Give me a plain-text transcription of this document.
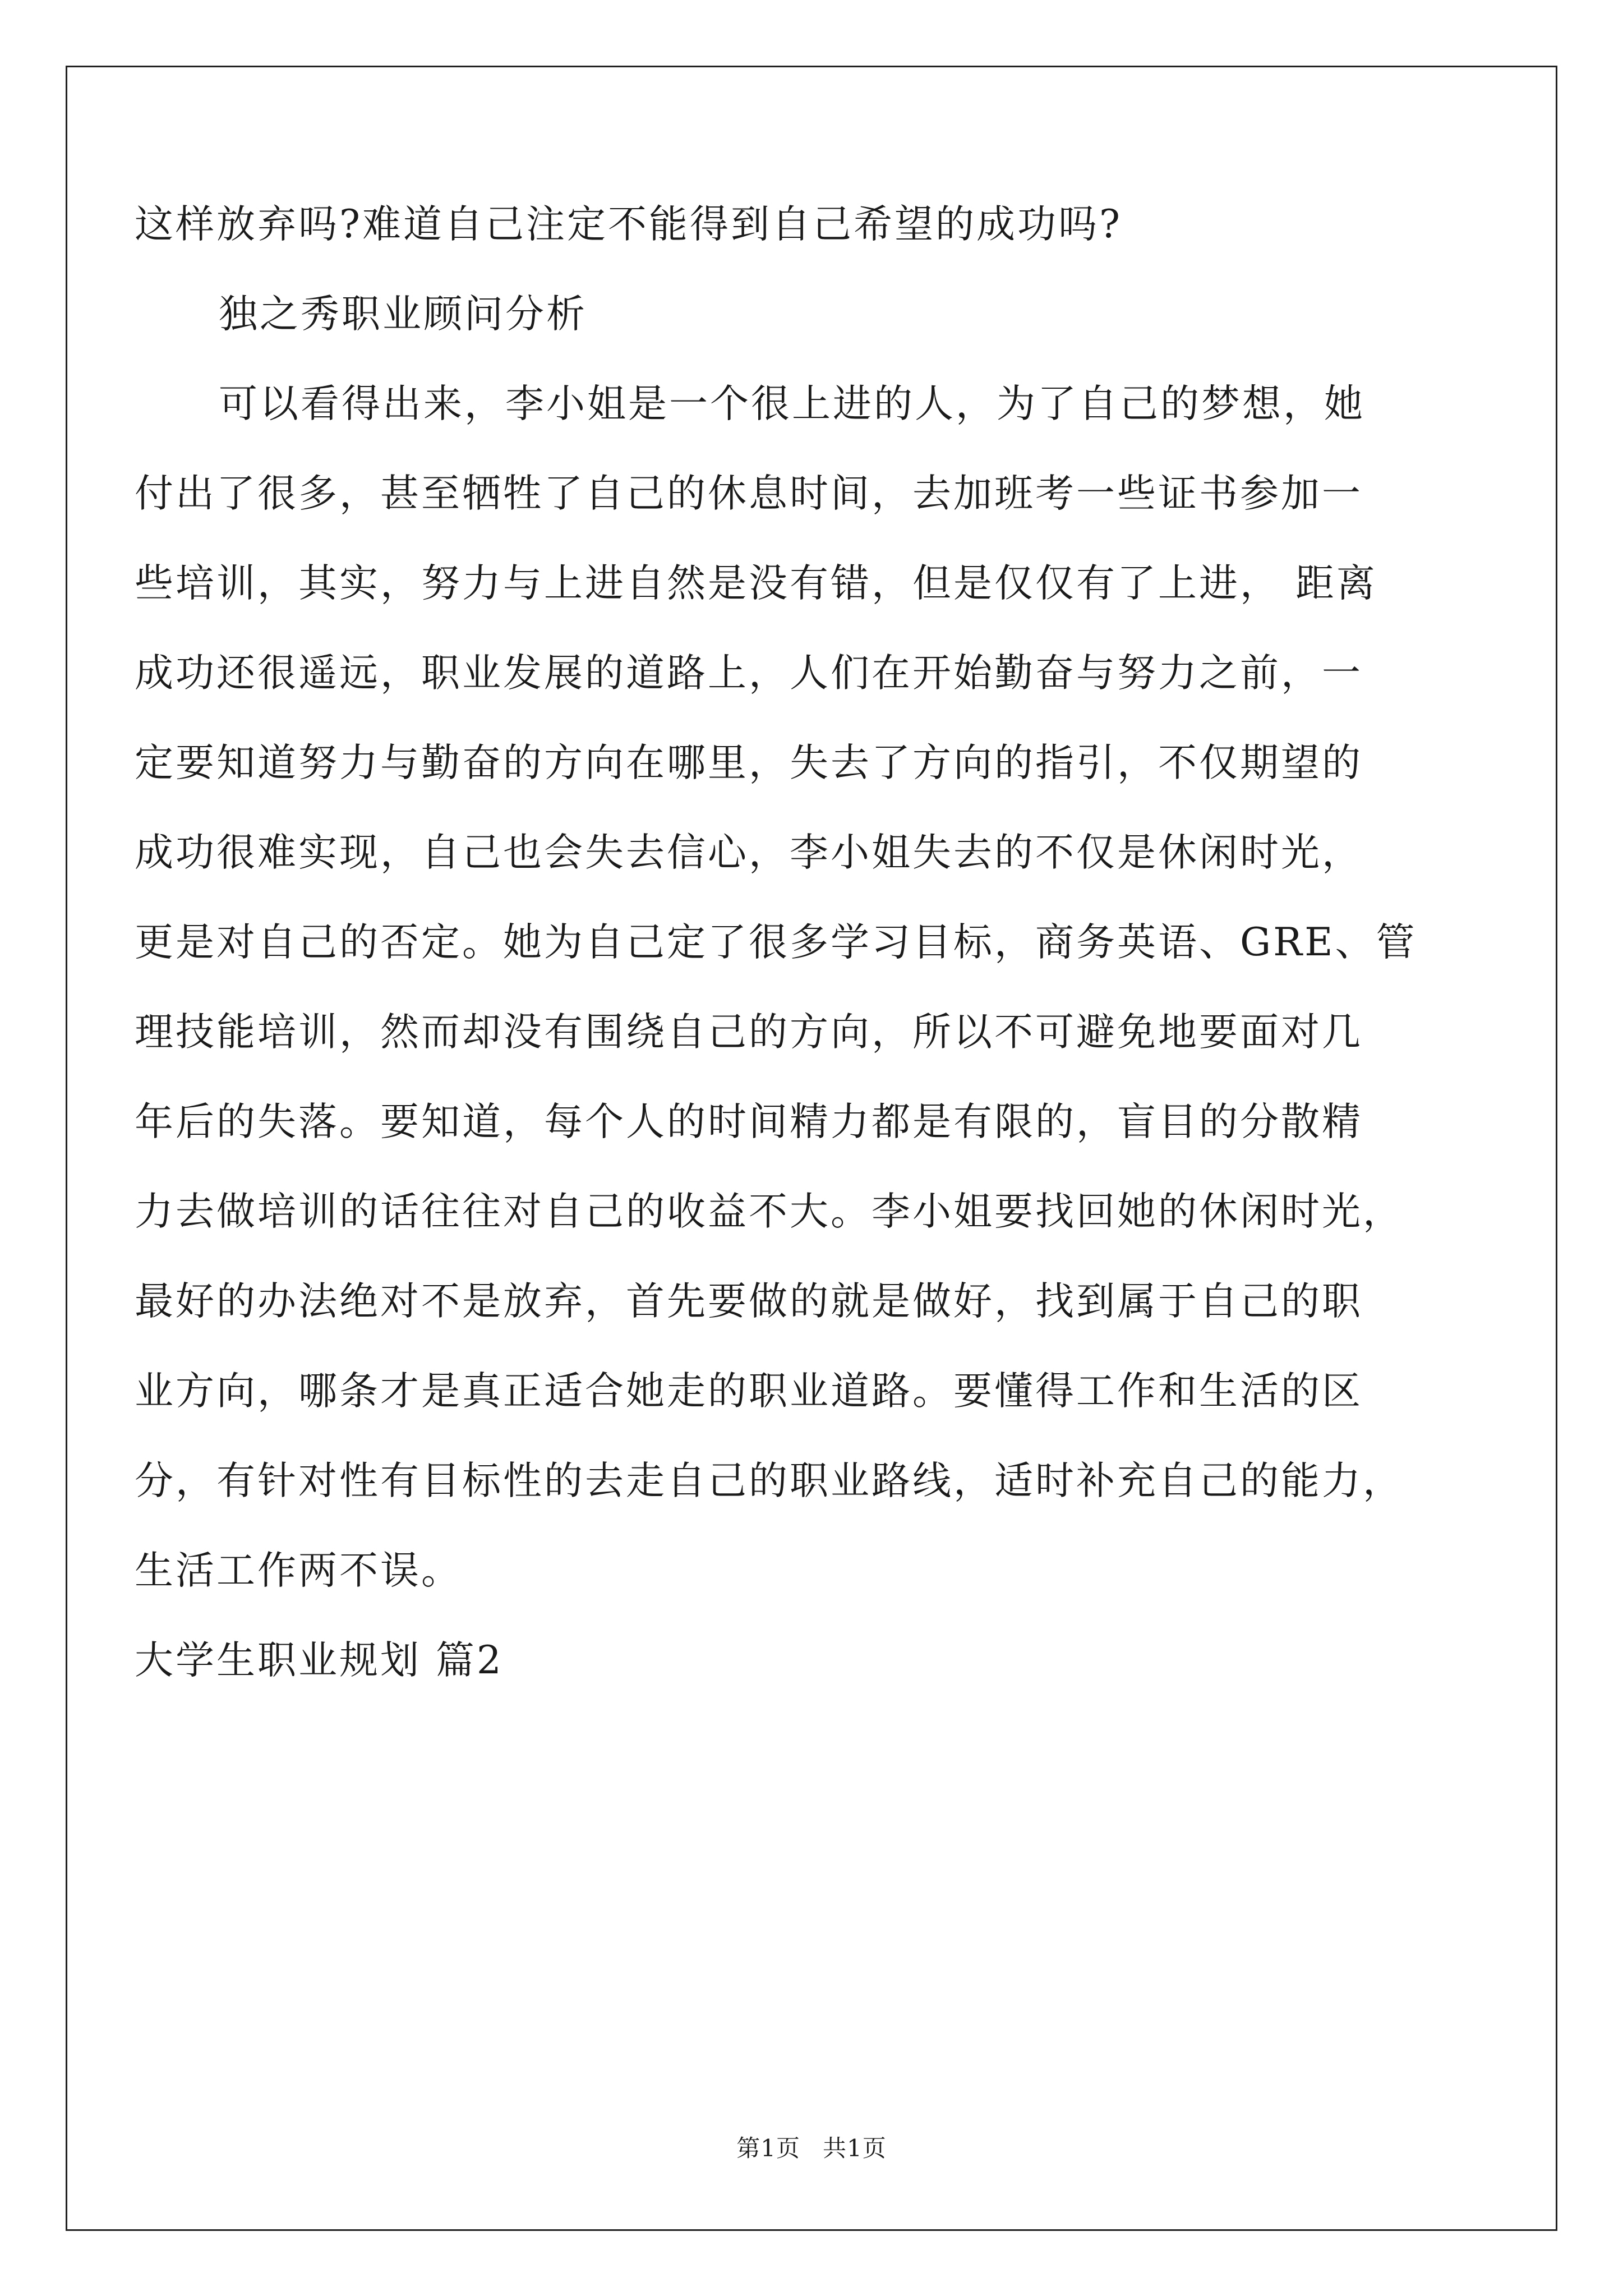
这样放弃吗?难道自己注定不能得到自己希望的成功吗?
独之秀职业顾问分析
可以看得出来，李小姐是一个很上进的人，为了自己的梦想，她
付出了很多，甚至牺牲了自己的休息时间，去加班考一些证书参加一
些培训，其实，努力与上进自然是没有错，但是仅仅有了上进， 距离
成功还很遥远，职业发展的道路上，人们在开始勤奋与努力之前，一
定要知道努力与勤奋的方向在哪里，失去了方向的指引，不仅期望的
成功很难实现，自己也会失去信心，李小姐失去的不仅是休闲时光，
更是对自己的否定。她为自己定了很多学习目标，商务英语、GRE、管
理技能培训，然而却没有围绕自己的方向，所以不可避免地要面对几
年后的失落。要知道，每个人的时间精力都是有限的，盲目的分散精
力去做培训的话往往对自己的收益不大。李小姐要找回她的休闲时光，
最好的办法绝对不是放弃，首先要做的就是做好，找到属于自己的职
业方向，哪条才是真正适合她走的职业道路。要懂得工作和生活的区
分，有针对性有目标性的去走自己的职业路线，适时补充自己的能力，
生活工作两不误。
大学生职业规划 篇2
第1页 共1页
